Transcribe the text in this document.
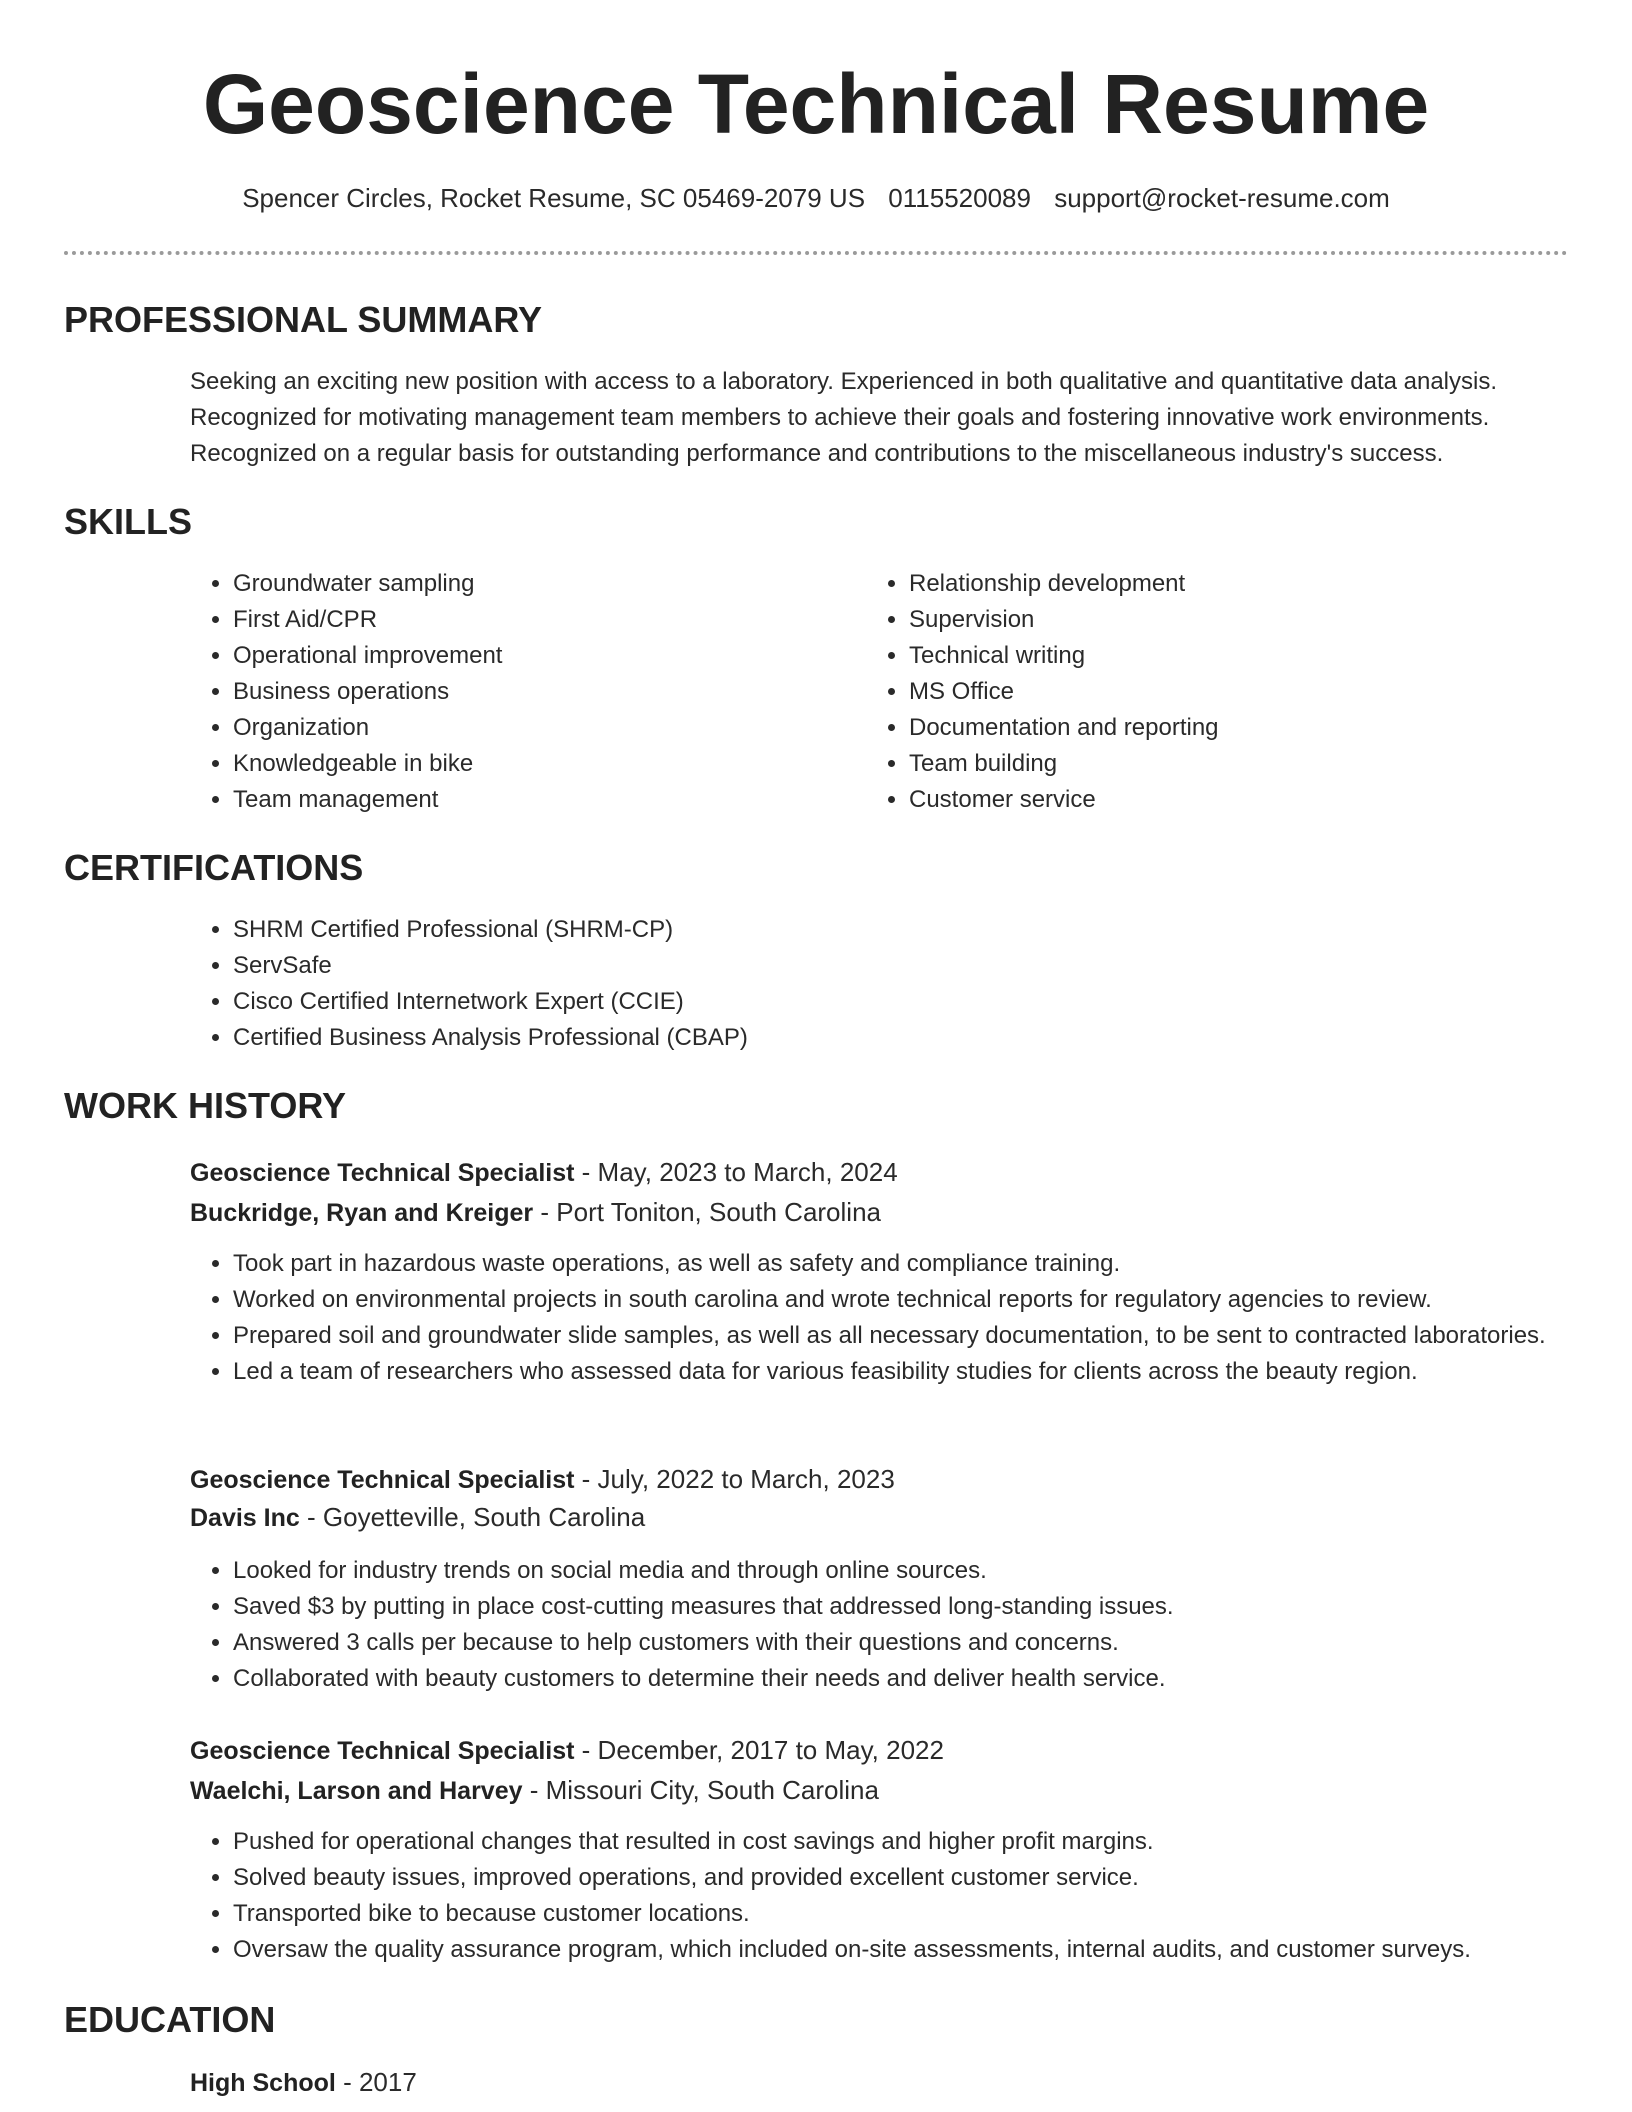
Geoscience Technical Resume
Spencer Circles, Rocket Resume, SC 05469-2079 US 0115520089 support@rocket-resume.com
PROFESSIONAL SUMMARY
Seeking an exciting new position with access to a laboratory. Experienced in both qualitative and quantitative data analysis.
Recognized for motivating management team members to achieve their goals and fostering innovative work environments.
Recognized on a regular basis for outstanding performance and contributions to the miscellaneous industry's success.
SKILLS
• Groundwater sampling
• First Aid/CPR
• Operational improvement
• Business operations
• Organization
• Knowledgeable in bike
• Team management
• Relationship development
• Supervision
• Technical writing
• MS Office
• Documentation and reporting
• Team building
• Customer service
CERTIFICATIONS
• SHRM Certified Professional (SHRM-CP)
• ServSafe
• Cisco Certified Internetwork Expert (CCIE)
• Certified Business Analysis Professional (CBAP)
WORK HISTORY
Geoscience Technical Specialist - May, 2023 to March, 2024
Buckridge, Ryan and Kreiger - Port Toniton, South Carolina
• Took part in hazardous waste operations, as well as safety and compliance training.
• Worked on environmental projects in south carolina and wrote technical reports for regulatory agencies to review.
• Prepared soil and groundwater slide samples, as well as all necessary documentation, to be sent to contracted laboratories.
• Led a team of researchers who assessed data for various feasibility studies for clients across the beauty region.
Geoscience Technical Specialist - July, 2022 to March, 2023
Davis Inc - Goyetteville, South Carolina
• Looked for industry trends on social media and through online sources.
• Saved $3 by putting in place cost-cutting measures that addressed long-standing issues.
• Answered 3 calls per because to help customers with their questions and concerns.
• Collaborated with beauty customers to determine their needs and deliver health service.
Geoscience Technical Specialist - December, 2017 to May, 2022
Waelchi, Larson and Harvey - Missouri City, South Carolina
• Pushed for operational changes that resulted in cost savings and higher profit margins.
• Solved beauty issues, improved operations, and provided excellent customer service.
• Transported bike to because customer locations.
• Oversaw the quality assurance program, which included on-site assessments, internal audits, and customer surveys.
EDUCATION
High School - 2017
